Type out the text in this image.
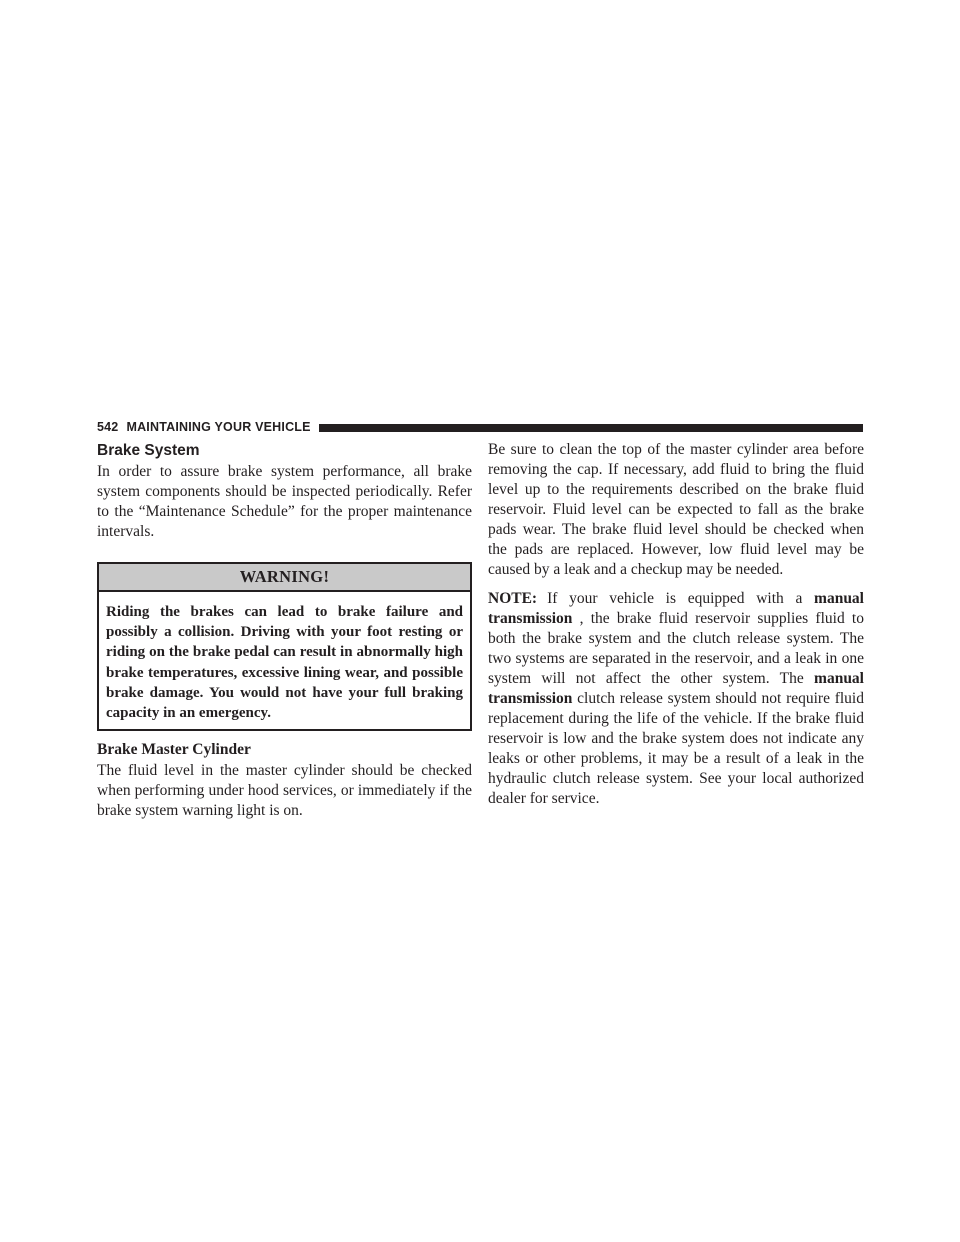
542 MAINTAINING YOUR VEHICLE
Brake System

In order to assure brake system performance, all brake system components should be inspected periodically. Refer to the “Maintenance Schedule” for the proper maintenance intervals.

WARNING!
Riding the brakes can lead to brake failure and possibly a collision. Driving with your foot resting or riding on the brake pedal can result in abnormally high brake temperatures, excessive lining wear, and possible brake damage. You would not have your full braking capacity in an emergency.
Brake Master Cylinder

The fluid level in the master cylinder should be checked when performing under hood services, or immediately if the brake system warning light is on.

Be sure to clean the top of the master cylinder area before removing the cap. If necessary, add fluid to bring the fluid level up to the requirements described on the brake fluid reservoir. Fluid level can be expected to fall as the brake pads wear. The brake fluid level should be checked when the pads are replaced. However, low fluid level may be caused by a leak and a checkup may be needed.

NOTE: If your vehicle is equipped with a manual transmission , the brake fluid reservoir supplies fluid to both the brake system and the clutch release system. The two systems are separated in the reservoir, and a leak in one system will not affect the other system. The manual transmission clutch release system should not require fluid replacement during the life of the vehicle. If the brake fluid reservoir is low and the brake system does not indicate any leaks or other problems, it may be a result of a leak in the hydraulic clutch release system. See your local authorized dealer for service.
